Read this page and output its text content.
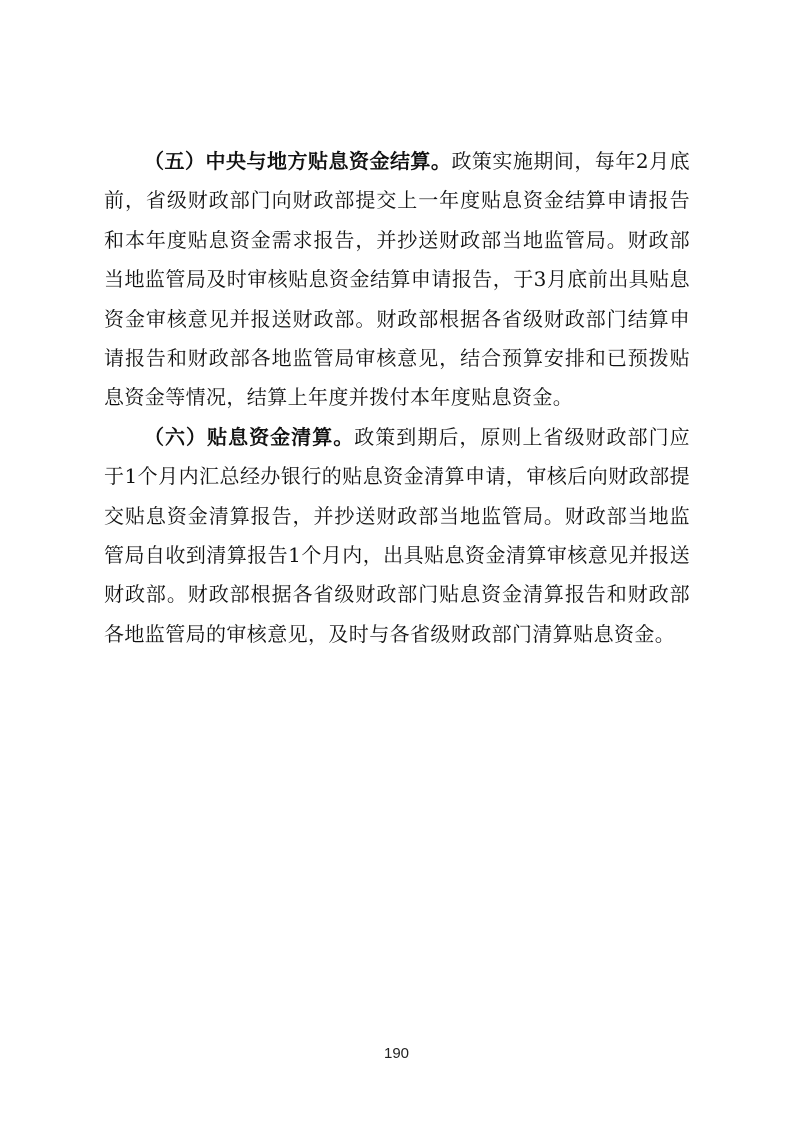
（五）中央与地方贴息资金结算。政策实施期间，每年2月底前，省级财政部门向财政部提交上一年度贴息资金结算申请报告和本年度贴息资金需求报告，并抄送财政部当地监管局。财政部当地监管局及时审核贴息资金结算申请报告，于3月底前出具贴息资金审核意见并报送财政部。财政部根据各省级财政部门结算申请报告和财政部各地监管局审核意见，结合预算安排和已预拨贴息资金等情况，结算上年度并拨付本年度贴息资金。

（六）贴息资金清算。政策到期后，原则上省级财政部门应于1个月内汇总经办银行的贴息资金清算申请，审核后向财政部提交贴息资金清算报告，并抄送财政部当地监管局。财政部当地监管局自收到清算报告1个月内，出具贴息资金清算审核意见并报送财政部。财政部根据各省级财政部门贴息资金清算报告和财政部各地监管局的审核意见，及时与各省级财政部门清算贴息资金。

190
